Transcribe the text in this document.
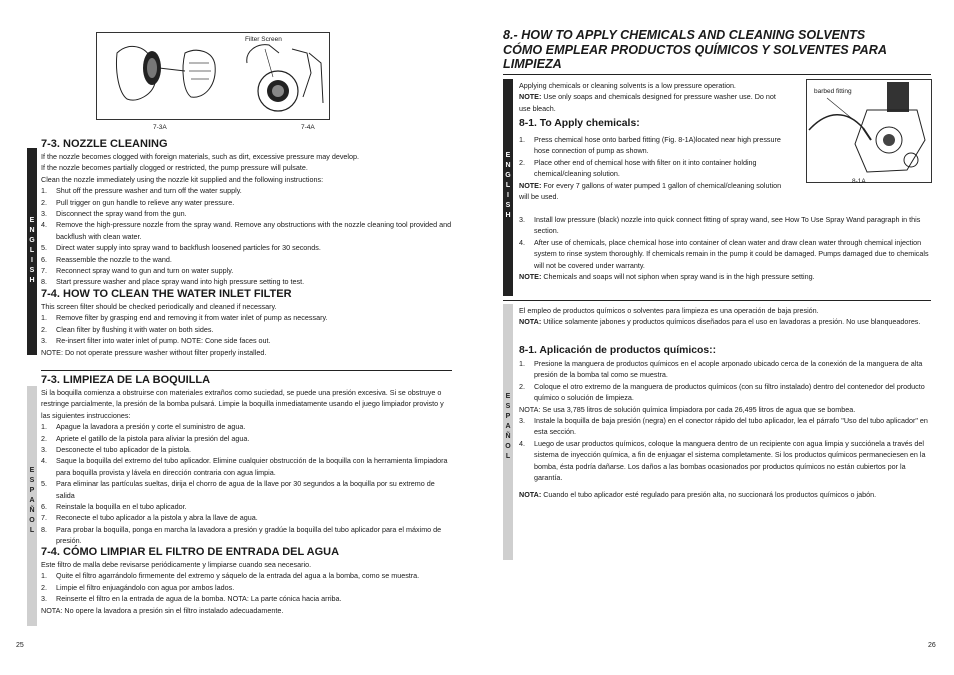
7-3A	7-4A
Filter Screen
E
N
G
L
I
S
H
7-3. NOZZLE CLEANING

If the nozzle becomes clogged with foreign materials, such as dirt, excessive pressure may develop.

If the nozzle becomes partially clogged or restricted, the pump pressure will pulsate.

Clean the nozzle immediately using the nozzle kit supplied and the following instructions:

1.	Shut off the pressure washer and turn off the water supply.
2.	Pull trigger on gun handle to relieve any water pressure.
3.	Disconnect the spray wand from the gun.
4.	Remove the high-pressure nozzle from the spray wand. Remove any obstructions with the nozzle cleaning tool provided and backflush with clean water.
5.	Direct water supply into spray wand to backflush loosened particles for 30 seconds.
6.	Reassemble the nozzle to the wand.
7.	Reconnect spray wand to gun and turn on water supply.
8.	Start pressure washer and place spray wand into high pressure setting to test.
7-4. HOW TO CLEAN THE WATER INLET FILTER

This screen filter should be checked periodically and cleaned if necessary.

1.	Remove filter by grasping end and removing it from water inlet of pump as necessary.
2.	Clean filter by flushing it with water on both sides.
3.	Re-insert filter into water inlet of pump. NOTE: Cone side faces out.

NOTE: Do not operate pressure washer without filter properly installed.

E
S
P
A
Ñ
O
L
7-3. LIMPIEZA DE LA BOQUILLA

Si la boquilla comienza a obstruirse con materiales extraños como suciedad, se puede una presión excesiva. Si se obstruye o restringe parcialmente, la presión de la bomba pulsará. Limpie la boquilla inmediatamente usando el juego limpiador provisto y las siguientes instrucciones:

1.	Apague la lavadora a presión y corte el suministro de agua.
2.	Apriete el gatillo de la pistola para aliviar la presión del agua.
3.	Desconecte el tubo aplicador de la pistola.
4.	Saque la boquilla del extremo del tubo aplicador. Elimine cualquier obstrucción de la boquilla con la herramienta limpiadora para boquilla provista y lávela en dirección contraria con agua limpia.
5.	Para eliminar las partículas sueltas, dirija el chorro de agua de la llave por 30 segundos a la boquilla por su extremo de salida
6.	Reinstale la boquilla en el tubo aplicador.
7.	Reconecte el tubo aplicador a la pistola y abra la llave de agua.
8.	Para probar la boquilla, ponga en marcha la lavadora a presión y gradúe la boquilla del tubo aplicador para el máximo de presión.
7-4. CÓMO LIMPIAR EL FILTRO DE ENTRADA DEL AGUA

Este filtro de malla debe revisarse periódicamente y limpiarse cuando sea necesario.

1.	Quite el filtro agarrándolo firmemente del extremo y sáquelo de la entrada del agua a la bomba, como se muestra.
2.	Limpie el filtro enjuagándolo con agua por ambos lados.
3.	Reinserte el filtro en la entrada de agua de la bomba. NOTA: La parte cónica hacia arriba.

NOTA: No opere la lavadora a presión sin el filtro instalado adecuadamente.

25
8.- HOW TO APPLY CHEMICALS AND CLEANING SOLVENTS
CÓMO EMPLEAR PRODUCTOS QUÍMICOS Y SOLVENTES PARA
LIMPIEZA
E
N
G
L
I
S
H
barbed fitting
8-1A

Applying chemicals or cleaning solvents is a low pressure operation.

NOTE: Use only soaps and chemicals designed for pressure washer use. Do not use bleach.

8-1. To Apply chemicals:
1.	Press chemical hose onto barbed fitting (Fig. 8-1A)located near high pressure hose connection of pump as shown.
2.	Place other end of chemical hose with filter on it into container holding chemical/cleaning solution.

NOTE: For every 7 gallons of water pumped 1 gallon of chemical/cleaning solution will be used.

3.	Install low pressure (black) nozzle into quick connect fitting of spray wand, see How To Use Spray Wand paragraph in this section.
4.	After use of chemicals, place chemical hose into container of clean water and draw clean water through chemical injection system to rinse system thoroughly. If chemicals remain in the pump it could be damaged. Pumps damaged due to chemicals will not be covered under warranty.

NOTE: Chemicals and soaps will not siphon when spray wand is in the high pressure setting.

E
S
P
A
Ñ
O
L

El empleo de productos químicos o solventes para limpieza es una operación de baja presión.

NOTA: Utilice solamente jabones y productos químicos diseñados para el uso en lavadoras a presión. No use blanqueadores.

8-1. Aplicación de productos químicos::
1.	Presione la manguera de productos químicos en el acople arponado ubicado cerca de la conexión de la manguera de alta presión de la bomba tal como se muestra.
2.	Coloque el otro extremo de la manguera de productos químicos (con su filtro instalado) dentro del contenedor del producto químico o solución de limpieza.

NOTA: Se usa 3,785 litros de solución química limpiadora por cada 26,495 litros de agua que se bombea.

3.	Instale la boquilla de baja presión (negra) en el conector rápido del tubo aplicador, lea el párrafo "Uso del tubo aplicador" en esta sección.
4.	Luego de usar productos químicos, coloque la manguera dentro de un recipiente con agua limpia y succiónela a través del sistema de inyección química, a fin de enjuagar el sistema completamente. Si los productos químicos permaneciesen en la bomba, ésta podría dañarse. Los daños a las bombas ocasionados por productos químicos no están cubiertos por la garantía.

NOTA: Cuando el tubo aplicador esté regulado para presión alta, no succionará los productos químicos o jabón.

26
